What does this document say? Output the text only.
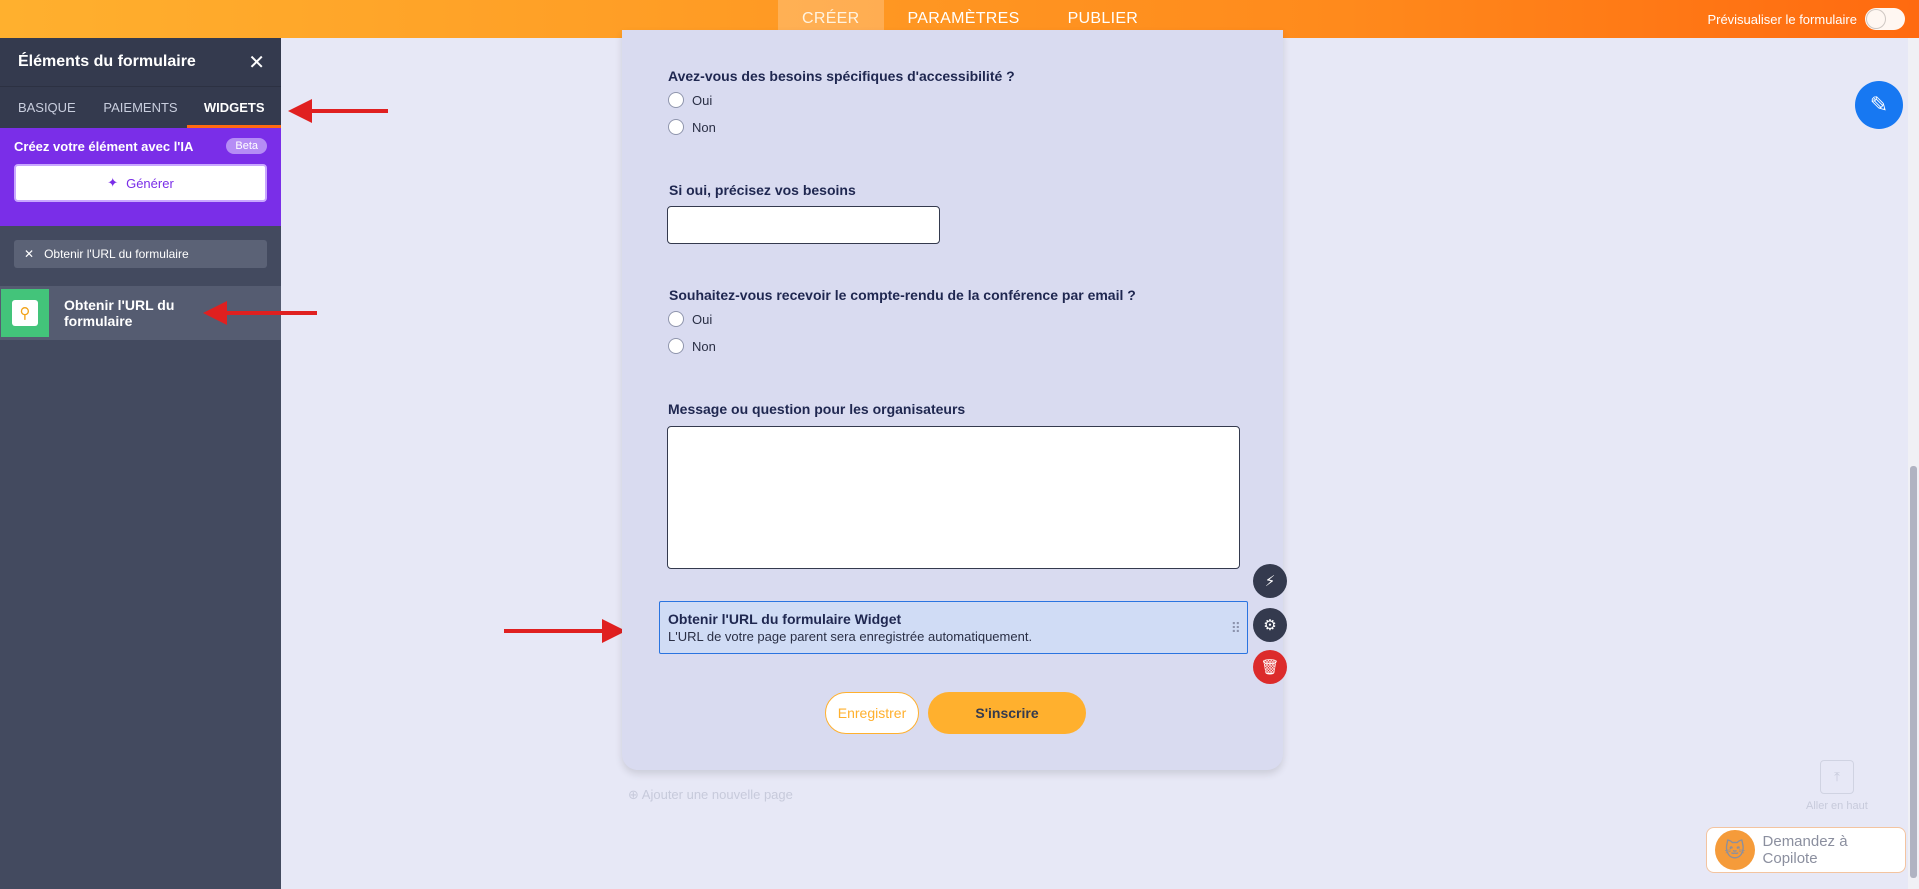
CRÉER	PARAMÈTRES	PUBLIER	Prévisualiser le formulaire
Éléments du formulaire	✕
BASIQUE	PAIEMENTS	WIDGETS
Créez votre élément avec l'IA	Beta
✦ Générer
✕ Obtenir l'URL du formulaire
⚲	Obtenir l'URL du formulaire
Avez-vous des besoins spécifiques d'accessibilité ?
Oui
Non
Si oui, précisez vos besoins
Souhaitez-vous recevoir le compte-rendu de la conférence par email ?
Oui
Non
Message ou question pour les organisateurs
Obtenir l'URL du formulaire Widget
L'URL de votre page parent sera enregistrée automatiquement.
⠿
⚡
⚙
🗑
Enregistrer	S'inscrire
⊕ Ajouter une nouvelle page
✎
⤒
Aller en haut
🐱	Demandez à Copilote
